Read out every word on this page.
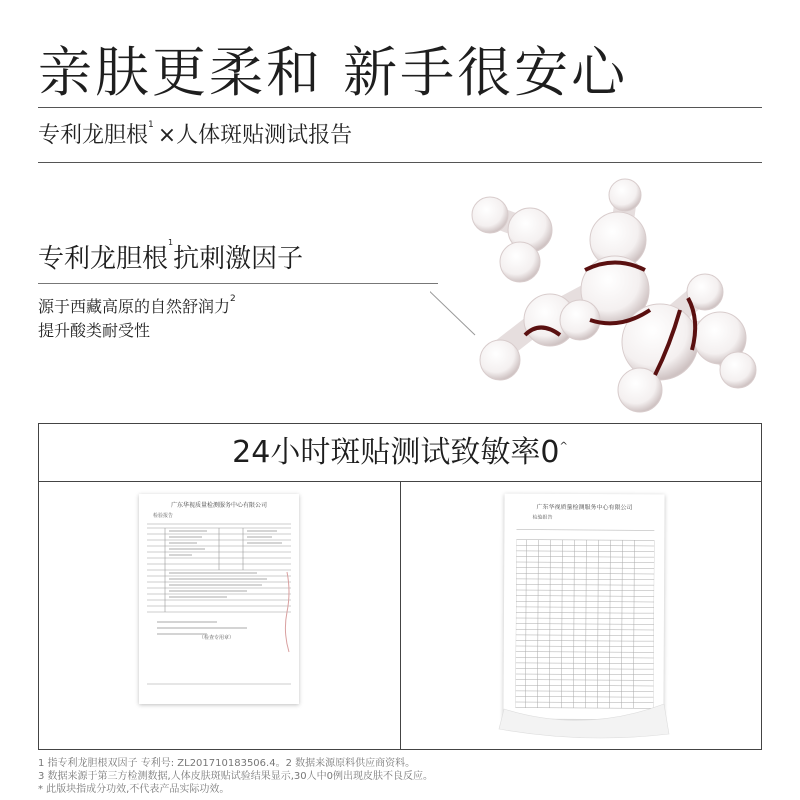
亲肤更柔和 新手很安心
专利龙胆根$^1$ ×人体斑贴测试报告
专利龙胆根$^1$抗刺激因子
源于西藏高原的自然舒润力$^2$
提升酸类耐受性
24小时斑贴测试致敏率0^
广东华视质量检测服务中心有限公司
检验报告
（检查专用章）
广东华视质量检测服务中心有限公司
检验报告
1 指专利龙胆根双因子 专利号: ZL201710183506.4。2 数据来源原料供应商资料。
3 数据来源于第三方检测数据,人体皮肤斑贴试验结果显示,30人中0例出现皮肤不良反应。
* 此版块指成分功效,不代表产品实际功效。
